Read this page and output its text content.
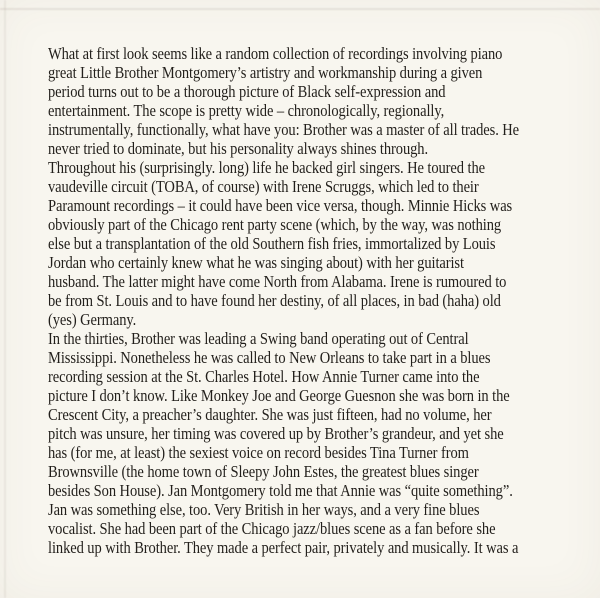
What at first look seems like a random collection of recordings involving piano
great Little Brother Montgomery’s artistry and workmanship during a given
period turns out to be a thorough picture of Black self-expression and
entertainment. The scope is pretty wide – chronologically, regionally,
instrumentally, functionally, what have you: Brother was a master of all trades. He
never tried to dominate, but his personality always shines through.
Throughout his (surprisingly. long) life he backed girl singers. He toured the
vaudeville circuit (TOBA, of course) with Irene Scruggs, which led to their
Paramount recordings – it could have been vice versa, though. Minnie Hicks was
obviously part of the Chicago rent party scene (which, by the way, was nothing
else but a transplantation of the old Southern fish fries, immortalized by Louis
Jordan who certainly knew what he was singing about) with her guitarist
husband. The latter might have come North from Alabama. Irene is rumoured to
be from St. Louis and to have found her destiny, of all places, in bad (haha) old
(yes) Germany.
In the thirties, Brother was leading a Swing band operating out of Central
Mississippi. Nonetheless he was called to New Orleans to take part in a blues
recording session at the St. Charles Hotel. How Annie Turner came into the
picture I don’t know. Like Monkey Joe and George Guesnon she was born in the
Crescent City, a preacher’s daughter. She was just fifteen, had no volume, her
pitch was unsure, her timing was covered up by Brother’s grandeur, and yet she
has (for me, at least) the sexiest voice on record besides Tina Turner from
Brownsville (the home town of Sleepy John Estes, the greatest blues singer
besides Son House). Jan Montgomery told me that Annie was “quite something”.
Jan was something else, too. Very British in her ways, and a very fine blues
vocalist. She had been part of the Chicago jazz/blues scene as a fan before she
linked up with Brother. They made a perfect pair, privately and musically. It was a
